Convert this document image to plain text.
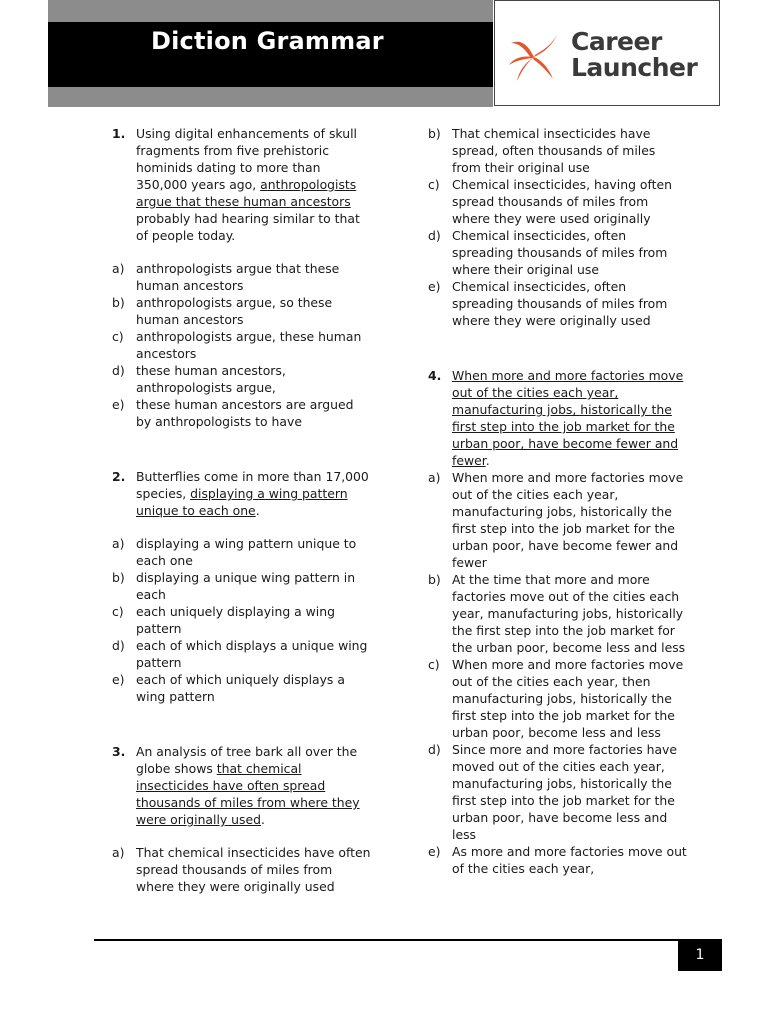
Diction Grammar	Career
Launcher
1. Using digital enhancements of skull fragments from five prehistoric hominids dating to more than 350,000 years ago, anthropologists argue that these human ancestors probably had hearing similar to that of people today.
a) anthropologists argue that these human ancestors
b) anthropologists argue, so these human ancestors
c) anthropologists argue, these human ancestors
d) these human ancestors, anthropologists argue,
e) these human ancestors are argued by anthropologists to have
2. Butterflies come in more than 17,000 species, displaying a wing pattern unique to each one.
a) displaying a wing pattern unique to each one
b) displaying a unique wing pattern in each
c) each uniquely displaying a wing pattern
d) each of which displays a unique wing pattern
e) each of which uniquely displays a wing pattern
3. An analysis of tree bark all over the globe shows that chemical insecticides have often spread thousands of miles from where they were originally used.
a) That chemical insecticides have often spread thousands of miles from where they were originally used
b) That chemical insecticides have spread, often thousands of miles from their original use
c) Chemical insecticides, having often spread thousands of miles from where they were used originally
d) Chemical insecticides, often spreading thousands of miles from where their original use
e) Chemical insecticides, often spreading thousands of miles from where they were originally used
4. When more and more factories move out of the cities each year, manufacturing jobs, historically the first step into the job market for the urban poor, have become fewer and fewer.
a) When more and more factories move out of the cities each year, manufacturing jobs, historically the first step into the job market for the urban poor, have become fewer and fewer
b) At the time that more and more factories move out of the cities each year, manufacturing jobs, historically the first step into the job market for the urban poor, become less and less
c) When more and more factories move out of the cities each year, then manufacturing jobs, historically the first step into the job market for the urban poor, become less and less
d) Since more and more factories have moved out of the cities each year, manufacturing jobs, historically the first step into the job market for the urban poor, have become less and less
e) As more and more factories move out of the cities each year,
1
